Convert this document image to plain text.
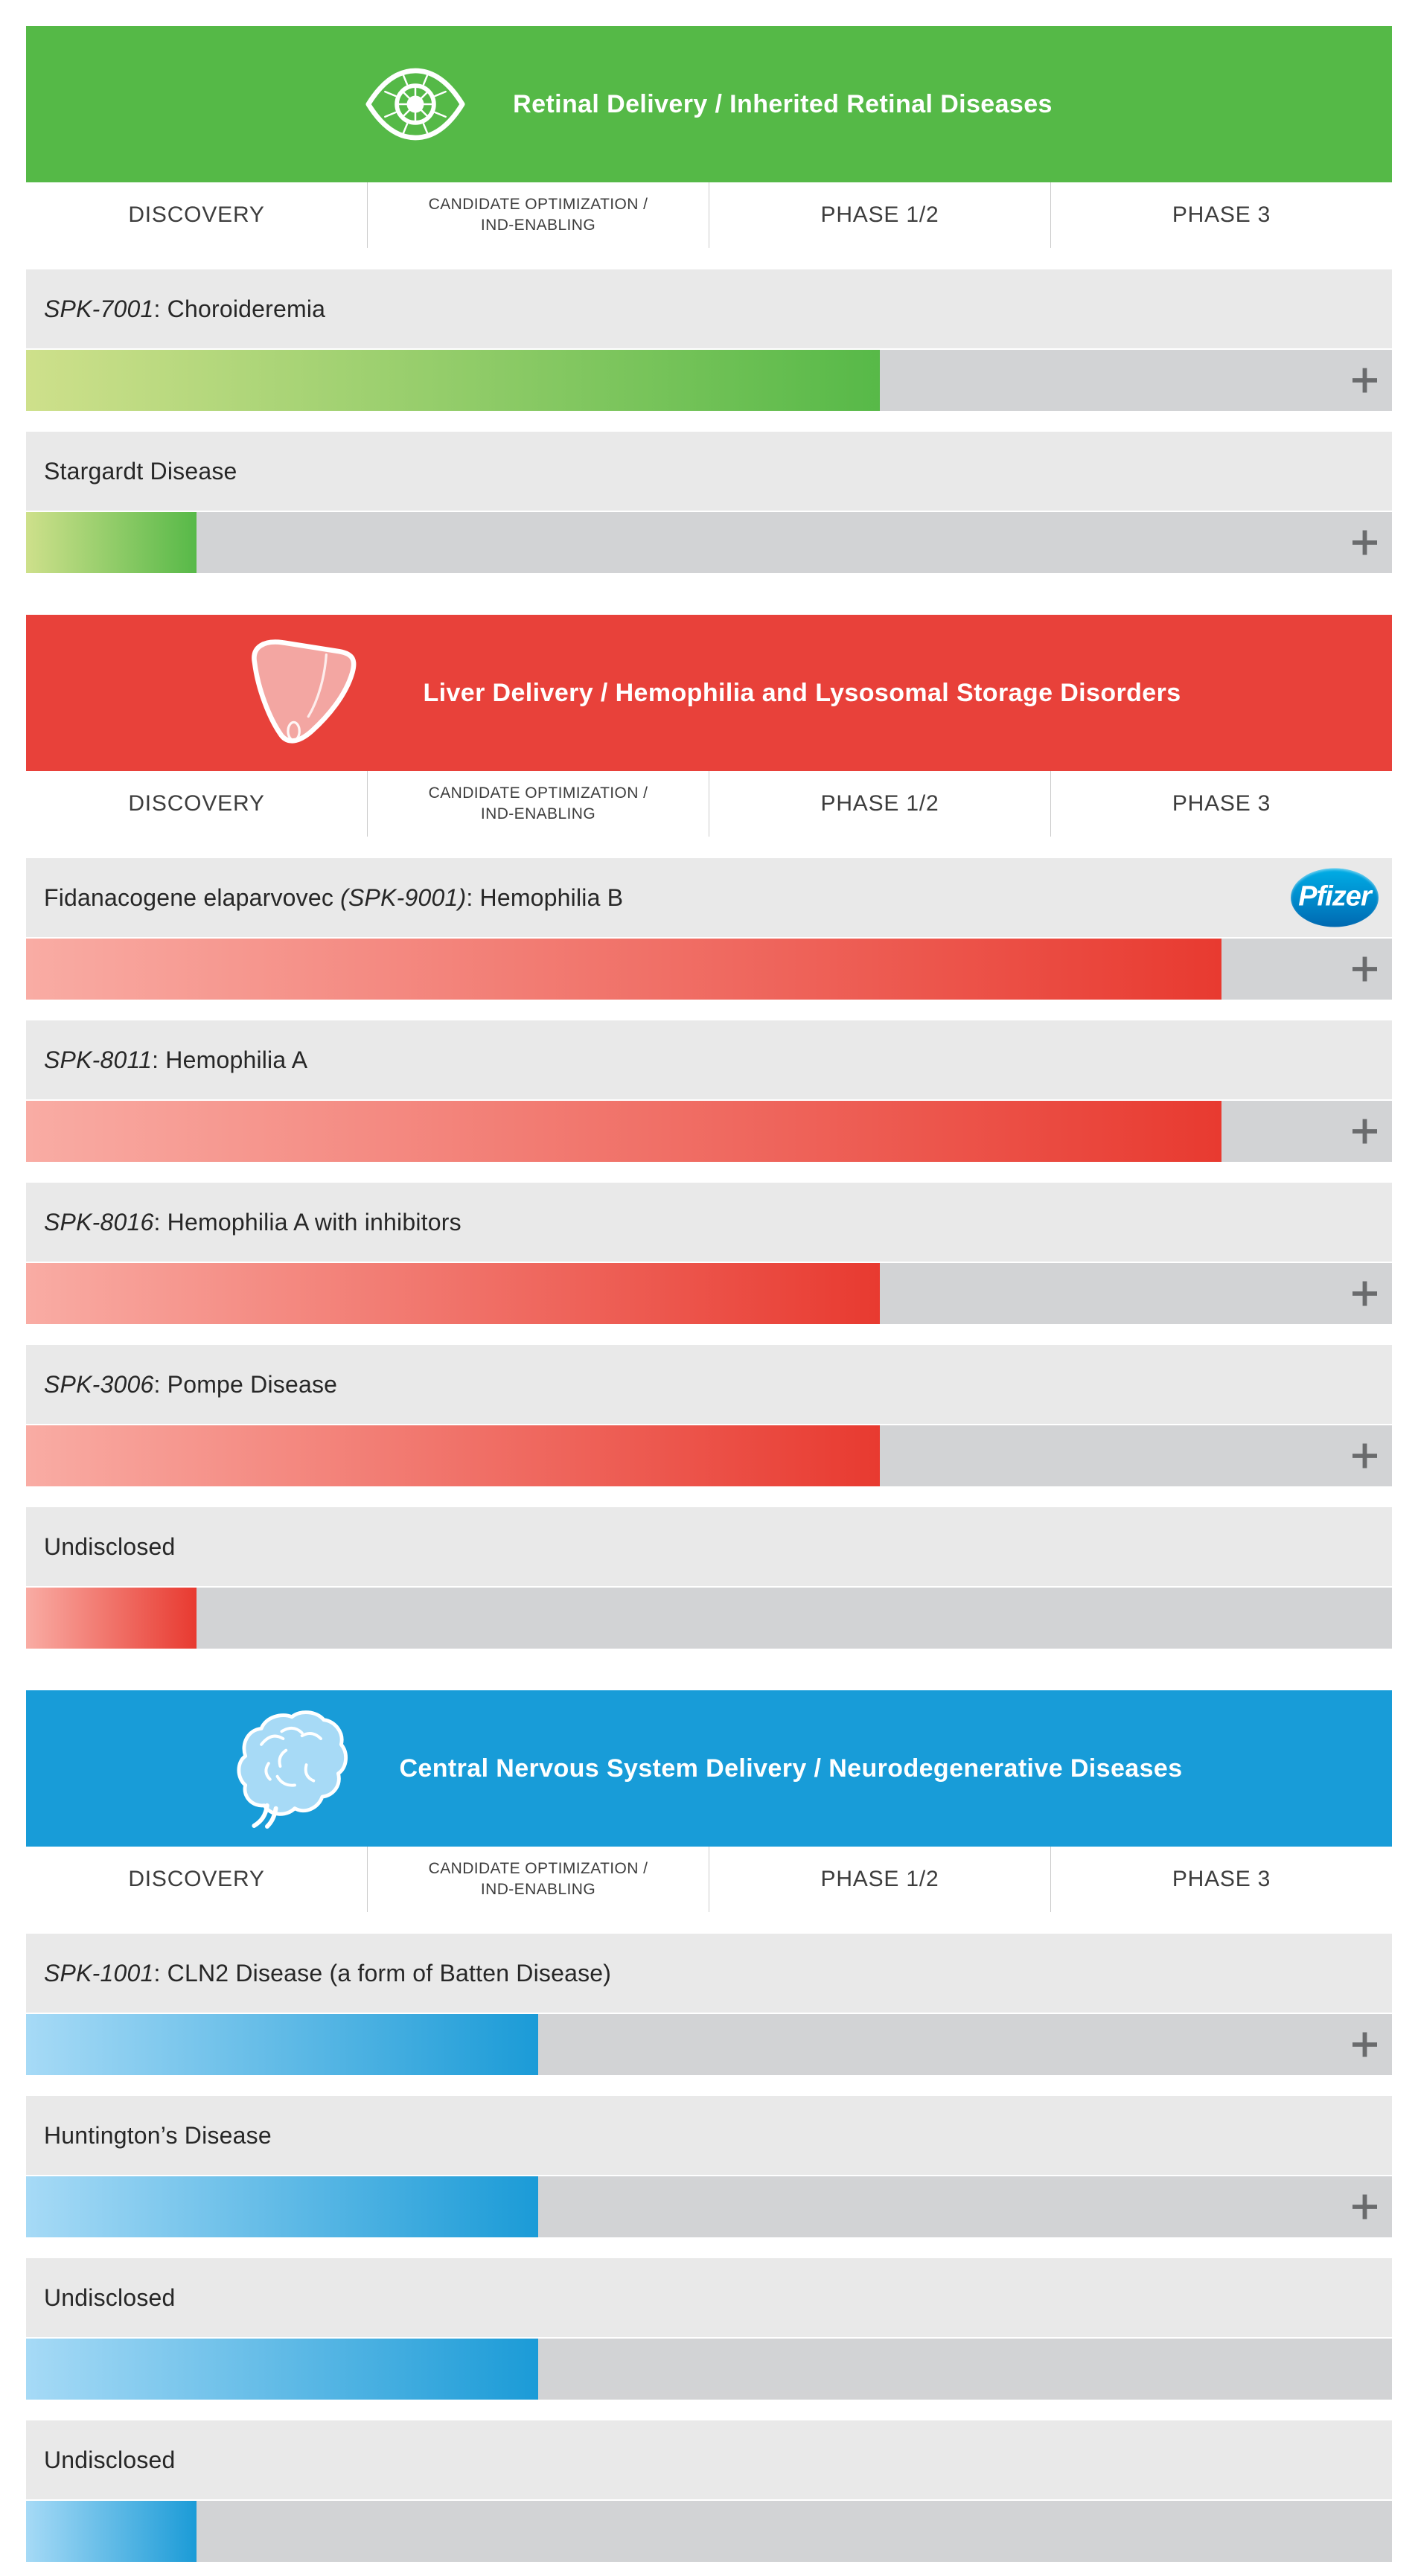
Retinal Delivery / Inherited Retinal Diseases
DISCOVERY	CANDIDATE OPTIMIZATION /
IND-ENABLING	PHASE 1/2	PHASE 3
SPK-7001: Choroideremia
Stargardt Disease
Liver Delivery / Hemophilia and Lysosomal Storage Disorders
DISCOVERY	CANDIDATE OPTIMIZATION /
IND-ENABLING	PHASE 1/2	PHASE 3
Fidanacogene elaparvovec (SPK-9001): Hemophilia B	Pfizer
SPK-8011: Hemophilia A
SPK-8016: Hemophilia A with inhibitors
SPK-3006: Pompe Disease
Undisclosed
Central Nervous System Delivery / Neurodegenerative Diseases
DISCOVERY	CANDIDATE OPTIMIZATION /
IND-ENABLING	PHASE 1/2	PHASE 3
SPK-1001: CLN2 Disease (a form of Batten Disease)
Huntington’s Disease
Undisclosed
Undisclosed
